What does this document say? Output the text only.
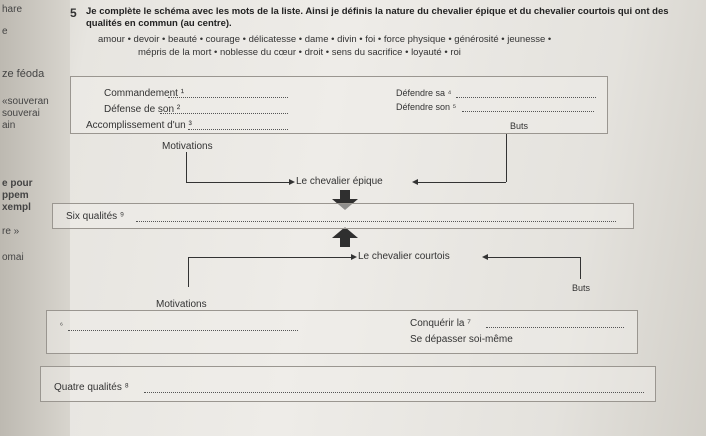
hare
e
ze féoda
«souveran
souverai
ain
e pour
ppem
xempl
re »
omai
5 Je complète le schéma avec les mots de la liste. Ainsi je définis la nature du chevalier épique et du chevalier courtois qui ont des qualités en commun (au centre).
amour • devoir • beauté • courage • délicatesse • dame • divin • foi • force physique • générosité • jeunesse •
mépris de la mort • noblesse du cœur • droit • sens du sacrifice • loyauté • roi
Commandement ¹
Défense de son ²
Accomplissement d'un ³
Défendre sa ⁴
Défendre son ⁵
Buts
Motivations
Le chevalier épique
Six qualités ⁹
Le chevalier courtois
Buts
Motivations
⁶	Conquérir la ⁷
Se dépasser soi-même
Quatre qualités ⁸
